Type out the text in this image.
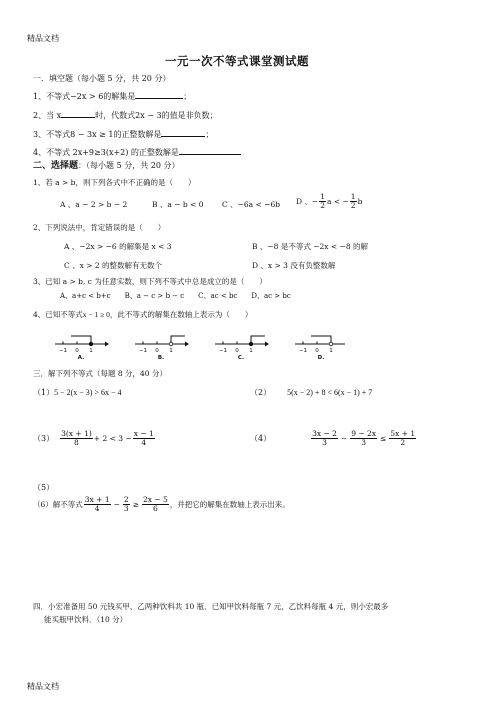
精品文档
精品文档
一元一次不等式课堂测试题
一．填空题（每小题 5 分，共 20 分）
1、不等式−2x > 6的解集是	；
2、当 x	时，代数式2x − 3的值是非负数；
3、不等式8 − 3x ≥ 1的正整数解是	；
4、不等式 2x+9≥3(x+2) 的正整数解是
二、选择题：（每小题 5 分，共 20 分）
1、若 a > b，则下列各式中不正确的是（　　）
A 、a − 2 > b − 2	B 、a − b < 0 C 、−6a < −6b D 、− $\frac{1}{2}$ a < − $\frac{1}{2}$ b
2、下列说法中，肯定错误的是（　　）
A 、−2x > −6 的解集是 x < 3	B 、−8 是不等式 −2x < −8 的解
C 、x > 2 的整数解有无数个	D 、x > 3 没有负整数解
3、已知 a > b, c 为任意实数，则下列不等式中总是成立的是（　　）
A、a+c < b+c　　B、a − c > b − c　　C、ac < bc　　D、ac > bc
4、已知不等式x − 1 ≥ 0，此不等式的解集在数轴上表示为（　　）
−1 0 1
A.
−1 0 1
B.
−1 0 1
C.
−1 0 1
D.
三．解下列不等式（每题 8 分，40 分）
（1）5 − 2(x − 3) > 6x − 4	（2） 5(x − 2) + 8 < 6(x − 1) + 7
$(3) \frac{3(x + 1)}{8} + 2 < 3 - \frac{x - 1}{4}$	（4）	$\frac{3x - 2}{3} - \frac{9 - 2x}{3} \le \frac{5x + 1}{2}$
（5）
（6）解不等式 $\frac{3x + 1}{4} - \frac{2}{3} \ge \frac{2x - 5}{6}$ ，并把它的解集在数轴上表示出来。
四．小宏准备用 50 元钱买甲、乙两种饮料共 10 瓶．已知甲饮料每瓶 7 元，乙饮料每瓶 4 元，则小宏最多
能买瓶甲饮料．（10 分）
